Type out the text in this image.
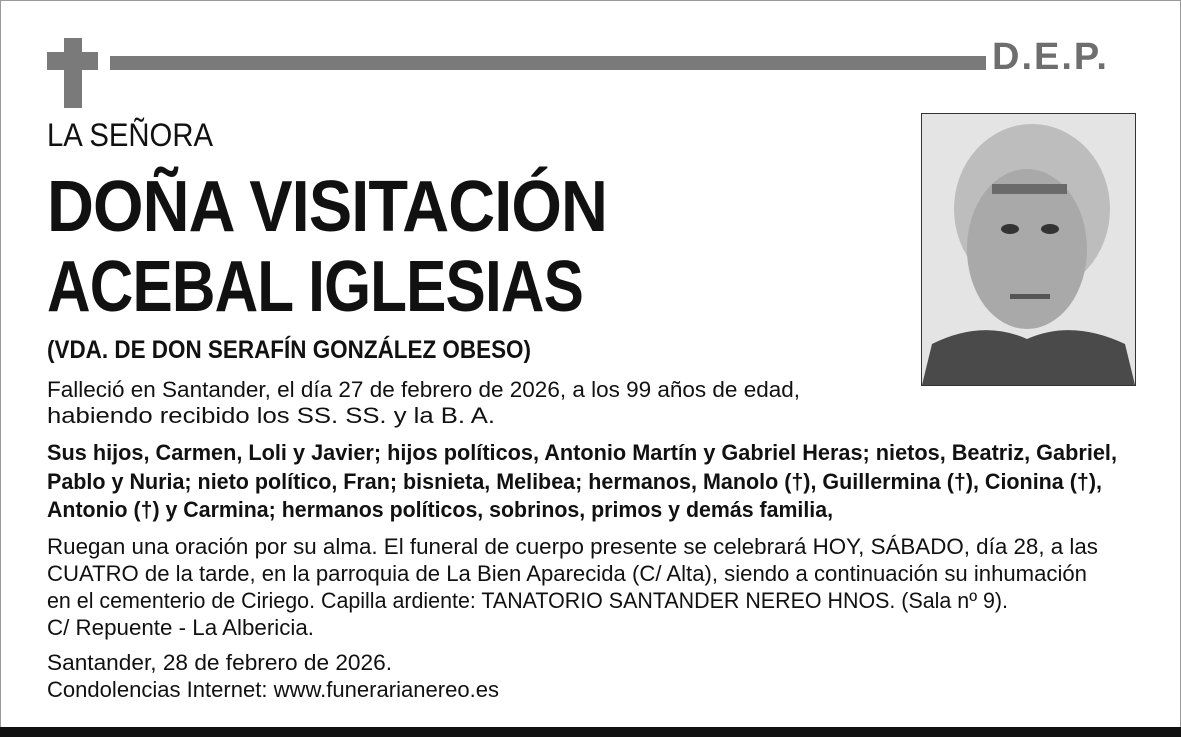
D.E.P.
LA SEÑORA
DOÑA VISITACIÓN
ACEBAL IGLESIAS
(VDA. DE DON SERAFÍN GONZÁLEZ OBESO)
Falleció en Santander, el día 27 de febrero de 2026, a los 99 años de edad,
habiendo recibido los SS. SS. y la B. A.
Sus hijos, Carmen, Loli y Javier; hijos políticos, Antonio Martín y Gabriel Heras; nietos, Beatriz, Gabriel,
Pablo y Nuria; nieto político, Fran; bisnieta, Melibea; hermanos, Manolo (†), Guillermina (†), Cionina (†),
Antonio (†) y Carmina; hermanos políticos, sobrinos, primos y demás familia,
Ruegan una oración por su alma. El funeral de cuerpo presente se celebrará HOY, SÁBADO, día 28, a las
CUATRO de la tarde, en la parroquia de La Bien Aparecida (C/ Alta), siendo a continuación su inhumación
en el cementerio de Ciriego. Capilla ardiente: TANATORIO SANTANDER NEREO HNOS. (Sala nº 9).
C/ Repuente - La Albericia.
Santander, 28 de febrero de 2026.
Condolencias Internet: www.funerarianereo.es
